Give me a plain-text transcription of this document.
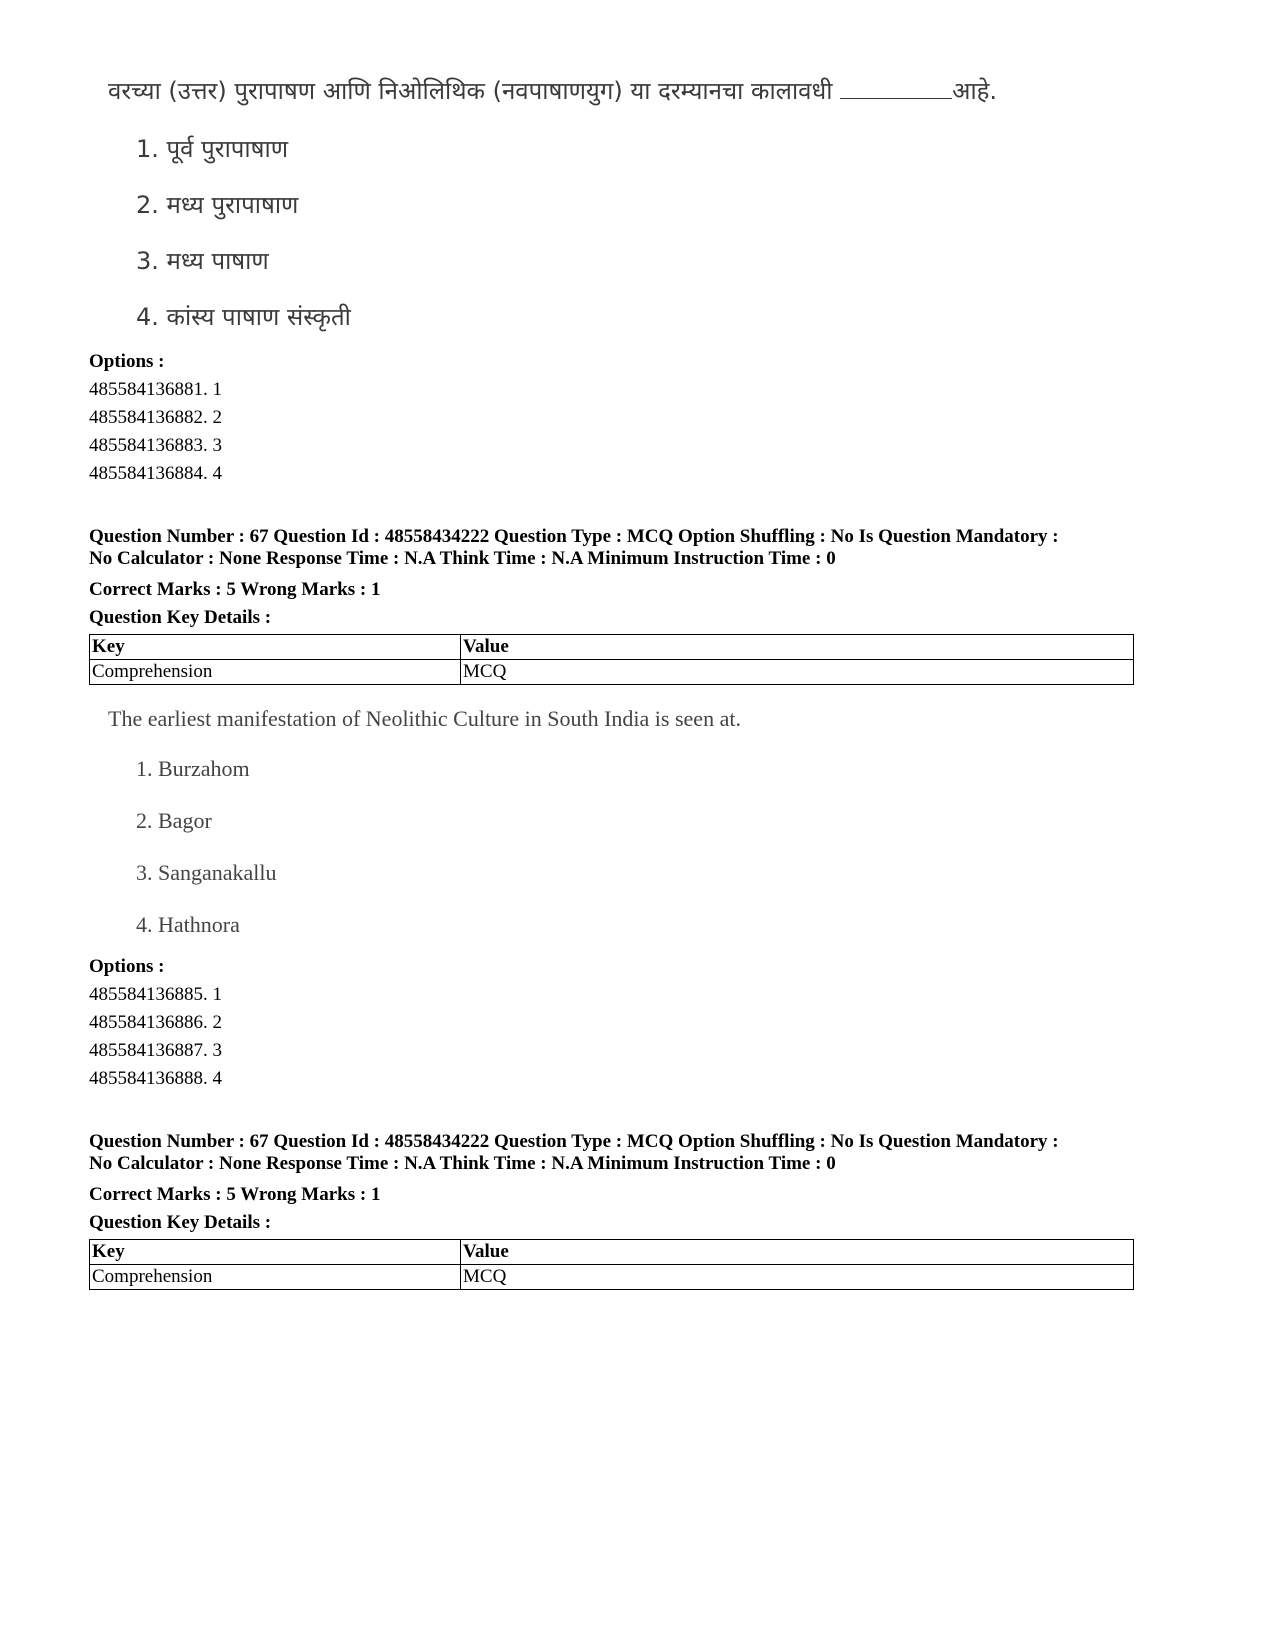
वरच्या (उत्तर) पुरापाषण आणि निओलिथिक (नवपाषाणयुग) या दरम्यानचा कालावधी	आहे.
1. पूर्व पुरापाषाण
2. मध्य पुरापाषाण
3. मध्य पाषाण
4. कांस्य पाषाण संस्कृती
Options :
485584136881. 1
485584136882. 2
485584136883. 3
485584136884. 4
Question Number : 67 Question Id : 48558434222 Question Type : MCQ Option Shuffling : No Is Question Mandatory :
No Calculator : None Response Time : N.A Think Time : N.A Minimum Instruction Time : 0
Correct Marks : 5 Wrong Marks : 1
Question Key Details :
Key	Value
Comprehension	MCQ
The earliest manifestation of Neolithic Culture in South India is seen at.
1. Burzahom
2. Bagor
3. Sanganakallu
4. Hathnora
Options :
485584136885. 1
485584136886. 2
485584136887. 3
485584136888. 4
Question Number : 67 Question Id : 48558434222 Question Type : MCQ Option Shuffling : No Is Question Mandatory :
No Calculator : None Response Time : N.A Think Time : N.A Minimum Instruction Time : 0
Correct Marks : 5 Wrong Marks : 1
Question Key Details :
Key	Value
Comprehension	MCQ
